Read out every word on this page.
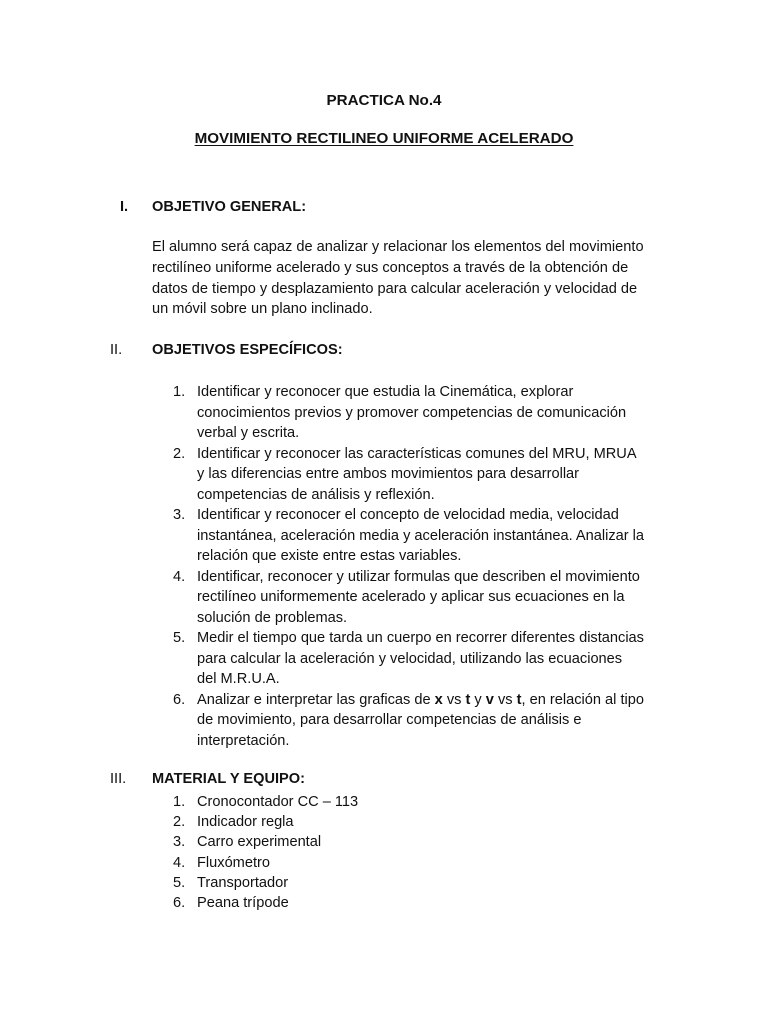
PRACTICA No.4
MOVIMIENTO RECTILINEO UNIFORME ACELERADO
I.	OBJETIVO GENERAL:
El alumno será capaz de analizar y relacionar los elementos del movimiento
rectilíneo uniforme acelerado y sus conceptos a través de la obtención de
datos de tiempo y desplazamiento para calcular aceleración y velocidad de
un móvil sobre un plano inclinado.
II.	OBJETIVOS ESPECÍFICOS:
1. Identificar y reconocer que estudia la Cinemática, explorar
conocimientos previos y promover competencias de comunicación
verbal y escrita.
2. Identificar y reconocer las características comunes del MRU, MRUA
y las diferencias entre ambos movimientos para desarrollar
competencias de análisis y reflexión.
3. Identificar y reconocer el concepto de velocidad media, velocidad
instantánea, aceleración media y aceleración instantánea. Analizar la
relación que existe entre estas variables.
4. Identificar, reconocer y utilizar formulas que describen el movimiento
rectilíneo uniformemente acelerado y aplicar sus ecuaciones en la
solución de problemas.
5. Medir el tiempo que tarda un cuerpo en recorrer diferentes distancias
para calcular la aceleración y velocidad, utilizando las ecuaciones
del M.R.U.A.
6. Analizar e interpretar las graficas de x vs t y v vs t, en relación al tipo
de movimiento, para desarrollar competencias de análisis e
interpretación.
III.	MATERIAL Y EQUIPO:
1. Cronocontador CC – 113
2. Indicador regla
3. Carro experimental
4. Fluxómetro
5. Transportador
6. Peana trípode
